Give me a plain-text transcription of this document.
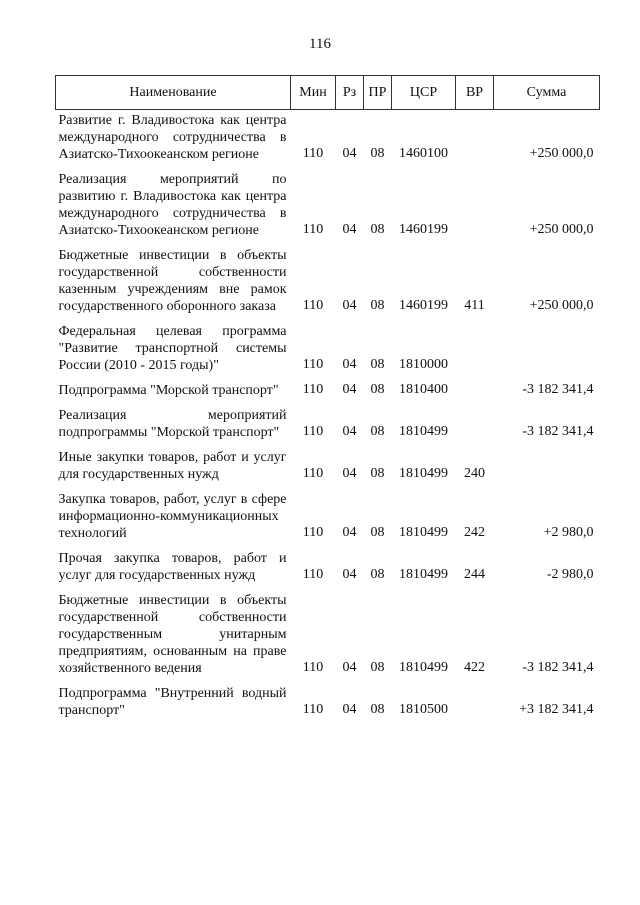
116
Наименование	Мин	Рз	ПР	ЦСР	ВР	Сумма
Развитие г. Владивостока как центра международного сотрудничества в Азиатско-Тихоокеанском регионе	110	04	08	1460100		+250 000,0
Реализация мероприятий по развитию г. Владивостока как центра международного сотрудничества в Азиатско-Тихоокеанском регионе	110	04	08	1460199		+250 000,0
Бюджетные инвестиции в объекты государственной собственности казенным учреждениям вне рамок государственного оборонного заказа	110	04	08	1460199	411	+250 000,0
Федеральная целевая программа "Развитие транспортной системы России (2010 - 2015 годы)"	110	04	08	1810000		
Подпрограмма "Морской транспорт"	110	04	08	1810400		-3 182 341,4
Реализация мероприятий подпрограммы "Морской транспорт"	110	04	08	1810499		-3 182 341,4
Иные закупки товаров, работ и услуг для государственных нужд	110	04	08	1810499	240	
Закупка товаров, работ, услуг в сфере информационно-коммуникационных технологий	110	04	08	1810499	242	+2 980,0
Прочая закупка товаров, работ и услуг для государственных нужд	110	04	08	1810499	244	-2 980,0
Бюджетные инвестиции в объекты государственной собственности государственным унитарным предприятиям, основанным на праве хозяйственного ведения	110	04	08	1810499	422	-3 182 341,4
Подпрограмма "Внутренний водный транспорт"	110	04	08	1810500		+3 182 341,4
